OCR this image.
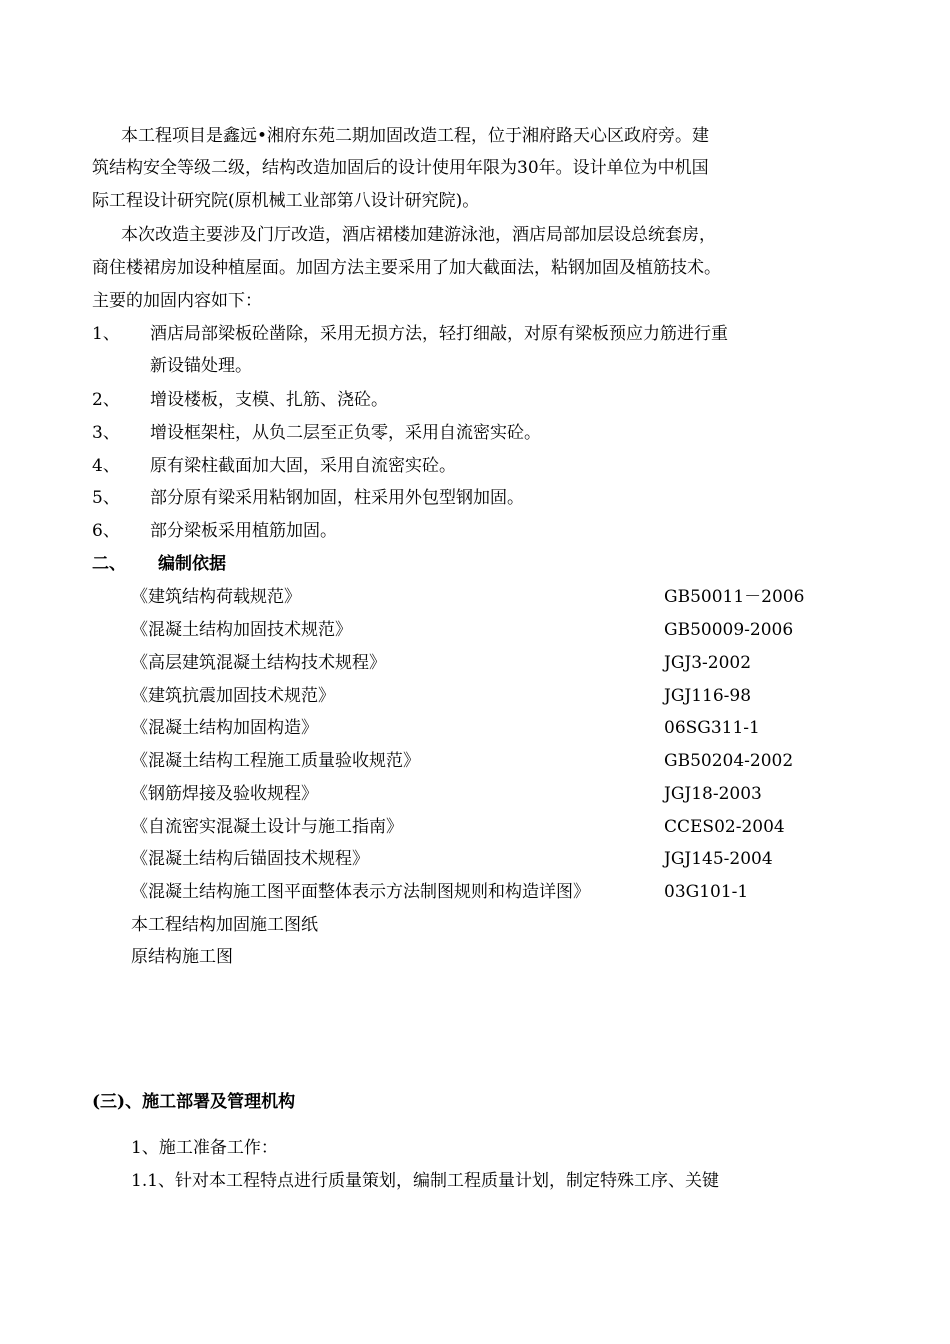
本工程项目是鑫远•湘府东苑二期加固改造工程，位于湘府路天心区政府旁。建
筑结构安全等级二级，结构改造加固后的设计使用年限为30年。设计单位为中机国
际工程设计研究院(原机械工业部第八设计研究院)。
本次改造主要涉及门厅改造，酒店裙楼加建游泳池，酒店局部加层设总统套房，
商住楼裙房加设种植屋面。加固方法主要采用了加大截面法，粘钢加固及植筋技术。
主要的加固内容如下：
1、 酒店局部梁板砼凿除，采用无损方法，轻打细敲，对原有梁板预应力筋进行重
新设锚处理。
2、 增设楼板，支模、扎筋、浇砼。
3、 增设框架柱，从负二层至正负零，采用自流密实砼。
4、 原有梁柱截面加大固，采用自流密实砼。
5、 部分原有梁采用粘钢加固，柱采用外包型钢加固。
6、 部分梁板采用植筋加固。
二、 编制依据
《建筑结构荷载规范》	GB50011－2006
《混凝土结构加固技术规范》	GB50009-2006
《高层建筑混凝土结构技术规程》	JGJ3-2002
《建筑抗震加固技术规范》	JGJ116-98
《混凝土结构加固构造》	06SG311-1
《混凝土结构工程施工质量验收规范》	GB50204-2002
《钢筋焊接及验收规程》	JGJ18-2003
《自流密实混凝土设计与施工指南》	CCES02-2004
《混凝土结构后锚固技术规程》	JGJ145-2004
《混凝土结构施工图平面整体表示方法制图规则和构造详图》	03G101-1
本工程结构加固施工图纸
原结构施工图
(三)、施工部署及管理机构
1、施工准备工作：
1.1、针对本工程特点进行质量策划，编制工程质量计划，制定特殊工序、关键
